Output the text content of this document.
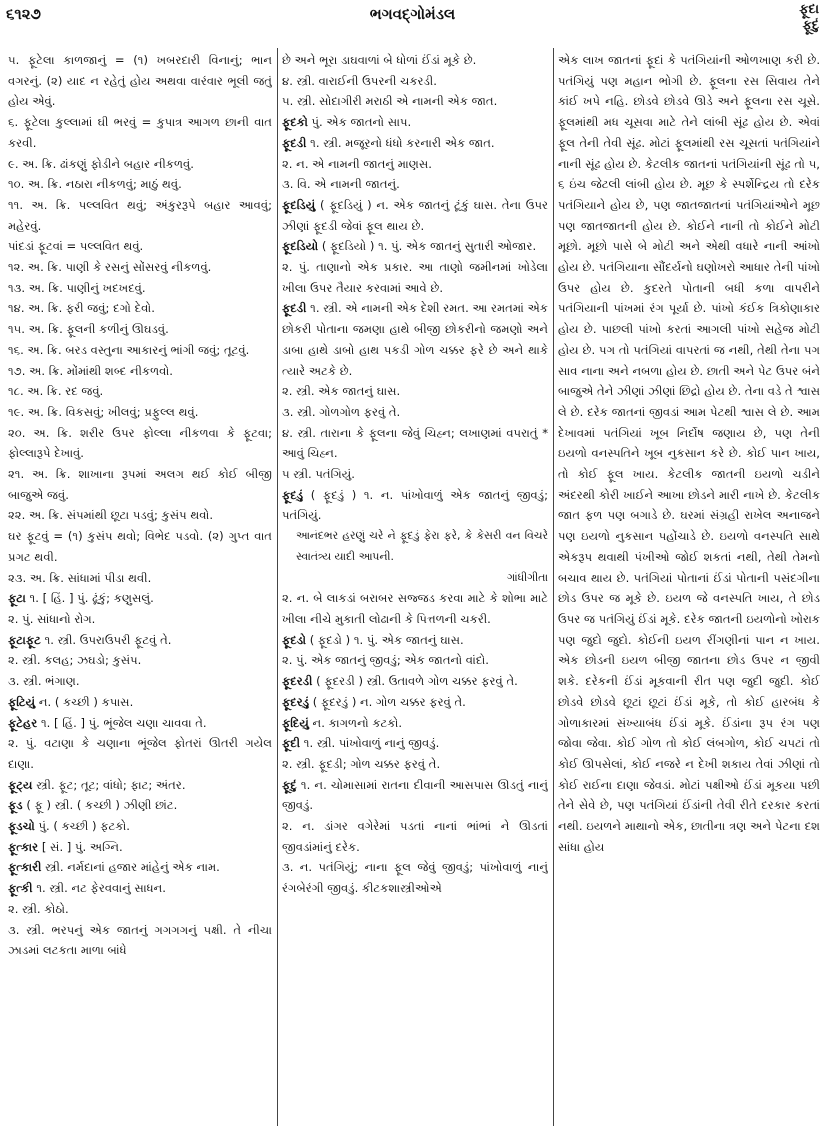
૬૧૨૭	ભગવદ્ગોમંડલ	ફૂદા
ફૂદું

૫. ફૂટેલા કાળજાનું = (૧) ખબરદારી વિનાનું; ભાન વગરનું. (૨) યાદ ન રહેતું હોય અથવા વારંવાર ભૂલી જતું હોય એવું.

૬. ફૂટેલા કુલ્લામાં ઘી ભરવું = કુપાત્ર આગળ છાની વાત કરવી.

૯. અ. ક્રિ. ઢાંકણું ફોડીને બહાર નીકળવું.

૧૦. અ. ક્રિ. નઠારા નીકળવું; માઠું થવું.

૧૧. અ. ક્રિ. પલ્લવિત થવું; અંકુરરૂપે બહાર આવવું; મહેરવું.

પાંદડાં ફૂટવાં = પલ્લવિત થવું.

૧૨. અ. ક્રિ. પાણી કે રસનું સોંસરવું નીકળવું.

૧૩. અ. ક્રિ. પાણીનું ખદખદવું.

૧૪. અ. ક્રિ. ફરી જવું; દગો દેવો.

૧૫. અ. ક્રિ. ફૂલની કળીનું ઊઘડવું.

૧૬. અ. ક્રિ. બરડ વસ્તુના આકારનું ભાંગી જવું; તૂટવું.

૧૭. અ. ક્રિ. મોંમાંથી શબ્દ નીકળવો.

૧૮. અ. ક્રિ. રદ જવું.

૧૯. અ. ક્રિ. વિકસવું; ખીલવું; પ્રફુલ્લ થવું.

૨૦. અ. ક્રિ. શરીર ઉપર ફોલ્લા નીકળવા કે ફૂટવા; ફોલ્લારૂપે દેખાવું.

૨૧. અ. ક્રિ. શાખાના રૂપમાં અલગ થઈ કોઈ બીજી બાજુએ જવું.

૨૨. અ. ક્રિ. સંપમાંથી છૂટા પડવું; કુસંપ થવો.

ઘર ફૂટવું = (૧) કુસંપ થવો; વિભેદ પડવો. (૨) ગુપ્ત વાત પ્રગટ થવી.

૨૩. અ. ક્રિ. સાંધામાં પીડા થવી.

ફૂટા ૧. [ હિં. ] પું. ઢૂંકું; કણુસલું.

૨. પું. સાંધાનો રોગ.

ફૂટાફૂટ ૧. સ્ત્રી. ઉપરાઉપરી ફૂટવું તે.

૨. સ્ત્રી. કલહ; ઝઘડો; કુસંપ.

૩. સ્ત્રી. ભંગાણ.

ફૂટિયું ન. ( કચ્છી ) કપાસ.

ફૂટેહર ૧. [ હિં. ] પું. ભૂંજેલ ચણા ચાવવા તે.

૨. પું. વટાણા કે ચણાના ભૂંજેલ ફોતરાં ઊતરી ગયેલ દાણા.

ફૂટ્ય સ્ત્રી. ફૂટ; તૂટ; વાંધો; ફાટ; અંતર.

ફૂડ ( ફૂ ) સ્ત્રી. ( કચ્છી ) ઝીણી છાંટ.

ફૂડચો પું. ( કચ્છી ) ફટકો.

ફૂત્કાર [ સં. ] પું. અગ્નિ.

ફૂત્કારી સ્ત્રી. નર્મદાનાં હજાર માંહેનું એક નામ.

ફૂત્કી ૧. સ્ત્રી. નટ ફેરવવાનું સાધન.

૨. સ્ત્રી. કોઠો.

૩. સ્ત્રી. ભરપનું એક જાતનું ગગગગનું પક્ષી. તે નીચા ઝાડમાં લટકતા માળા બાંધે

છે અને ભૂરા ડાઘવાળાં બે ધોળાં ઈંડાં મૂકે છે.

૪. સ્ત્રી. વારાઈની ઉપરની ચકરડી.

૫. સ્ત્રી. સોદાગીરી મરાઠી એ નામની એક જાત.

ફૂદકો પું. એક જાતનો સાપ.

ફૂદડી ૧. સ્ત્રી. મજૂરનો ધંધો કરનારી એક જાત.

૨. ન. એ નામની જાતનું માણસ.

૩. વિ. એ નામની જાતનું.

ફૂદડિયું ( ફૂદડિયું ) ન. એક જાતનું ટૂંકું ઘાસ. તેના ઉપર ઝીણાં ફૂદડી જેવાં ફૂલ થાય છે.

ફૂદડિયો ( ફૂદડિયો ) ૧. પું. એક જાતનું સુતારી ઓજાર.

૨. પું. તાણાનો એક પ્રકાર. આ તાણો જમીનમાં ખોડેલા ખીલા ઉપર તૈયાર કરવામાં આવે છે.

ફૂદડી ૧. સ્ત્રી. એ નામની એક દેશી રમત. આ રમતમાં એક છોકરી પોતાના જમણા હાથે બીજી છોકરીનો જમણો અને ડાબા હાથે ડાબો હાથ પકડી ગોળ ચક્કર ફરે છે અને થાકે ત્યારે અટકે છે.

૨. સ્ત્રી. એક જાતનું ઘાસ.

૩. સ્ત્રી. ગોળગોળ ફરવું તે.

૪. સ્ત્રી. તારાના કે ફૂલના જેવું ચિહ્ન; લખાણમાં વપરાતું * આવું ચિહ્ન.

૫ સ્ત્રી. પતંગિયું.

ફૂદડું ( ફૂદડું ) ૧. ન. પાંખોવાળું એક જાતનું જીવડું; પતંગિયું.

આનંદભર હરણું ચરે ને ફૂદડું ફેરા ફરે, કે કેસરી વન વિચરે સ્વાતંત્ર્ય યાદી આપની.

ગાંધીગીતા

૨. ન. બે લાકડાં બરાબર સજ્જડ કરવા માટે કે શોભા માટે ખીલા નીચે મુકાતી લોઢાની કે પિત્તળની ચકરી.

ફૂદડો ( ફૂદડો ) ૧. પું. એક જાતનું ઘાસ.

૨. પું. એક જાતનું જીવડું; એક જાતનો વાંદો.

ફૂદરડી ( ફૂદરડી ) સ્ત્રી. ઉતાવળે ગોળ ચક્કર ફરવું તે.

ફૂદરડું ( ફૂદરડું ) ન. ગોળ ચક્કર ફરવું તે.

ફૂદિયું ન. કાગળનો કટકો.

ફૂદી ૧. સ્ત્રી. પાંખોવાળું નાનું જીવડું.

૨. સ્ત્રી. ફૂદડી; ગોળ ચક્કર ફરવું તે.

ફૂદું ૧. ન. ચોમાસામાં રાતના દીવાની આસપાસ ઊડતું નાનું જીવડું.

૨. ન. ડાંગર વગેરેમાં પડતાં નાનાં ભાંભાં ને ઊડતાં જીવડાંમાંનું દરેક.

૩. ન. પતંગિયું; નાના ફૂલ જેવું જીવડું; પાંખોવાળું નાનું રંગબેરંગી જીવડું. કીટકશાસ્ત્રીઓએ

એક લાખ જાતનાં ફૂદાં કે પતંગિયાંની ઓળખાણ કરી છે. પતંગિયું પણ મહાન ભોગી છે. ફૂલના રસ સિવાય તેને કાંઈ ખપે નહિ. છોડવે છોડવે ઊડે અને ફૂલના રસ ચૂસે. ફૂલમાંથી મધ ચૂસવા માટે તેને લાંબી સૂંઢ હોય છે. એવાં ફૂલ તેની તેવી સૂંઢ. મોટાં ફૂલમાંથી રસ ચૂસતાં પતંગિયાંને નાની સૂંઢ હોય છે. કેટલીક જાતનાં પતંગિયાંની સૂંઢ તો ૫, ૬ ઇંચ જેટલી લાંબી હોય છે. મૂછ કે સ્પર્શેન્દ્રિય તો દરેક પતંગિયાને હોય છે, પણ જાતજાતનાં પતંગિયાંઓને મૂછ પણ જાતજાતની હોય છે. કોઈને નાની તો કોઈને મોટી મૂછો. મૂછો પાસે બે મોટી અને એથી વધારે નાની આંખો હોય છે. પતંગિયાના સૌંદર્યનો ઘણોખરો આધાર તેની પાંખો ઉપર હોય છે. કુદરતે પોતાની બધી કળા વાપરીને પતંગિયાની પાંખમાં રંગ પૂર્યા છે. પાંખો કંઈક ત્રિકોણાકાર હોય છે. પાછલી પાંખો કરતાં આગલી પાંખો સહેજ મોટી હોય છે. પગ તો પતંગિયાં વાપરતાં જ નથી, તેથી તેના પગ સાવ નાના અને નબળા હોય છે. છાતી અને પેટ ઉપર બંને બાજુએ તેને ઝીણાં ઝીણાં છિદ્રો હોય છે. તેના વડે તે શ્વાસ લે છે. દરેક જાતનાં જીવડાં આમ પેટથી શ્વાસ લે છે. આમ દેખાવમાં પતંગિયાં ખૂબ નિર્દોષ જણાય છે, પણ તેની ઇયળો વનસ્પતિને ખૂબ નુકસાન કરે છે. કોઈ પાન ખાય, તો કોઈ ફૂલ ખાય. કેટલીક જાતની ઇયળો ચડીને અંદરથી કોરી ખાઈને આખા છોડને મારી નાખે છે. કેટલીક જાત ફળ પણ બગાડે છે. ઘરમાં સંગ્રહી રાખેલ અનાજને પણ ઇયળો નુકસાન પહોંચાડે છે. ઇયળો વનસ્પતિ સાથે એકરૂપ થવાથી પંખીઓ જોઈ શકતાં નથી, તેથી તેમનો બચાવ થાય છે. પતંગિયાં પોતાનાં ઈંડાં પોતાની પસંદગીના છોડ ઉપર જ મૂકે છે. ઇયળ જે વનસ્પતિ ખાય, તે છોડ ઉપર જ પતંગિયું ઈંડાં મૂકે. દરેક જાતની ઇયળોનો ખોરાક પણ જુદો જુદો. કોઈની ઇયળ રીંગણીનાં પાન ન ખાય. એક છોડની ઇયળ બીજી જાતના છોડ ઉપર ન જીવી શકે. દરેકની ઈંડાં મૂકવાની રીત પણ જુદી જુદી. કોઈ છોડવે છોડવે છૂટાં છૂટાં ઈંડાં મૂકે, તો કોઈ હારબંધ કે ગોળાકારમાં સંખ્યાબંધ ઈંડાં મૂકે. ઈંડાંના રૂપ રંગ પણ જોવા જેવા. કોઈ ગોળ તો કોઈ લંબગોળ, કોઈ ચપટાં તો કોઈ ઊપસેલાં, કોઈ નજરે ન દેખી શકાય તેવાં ઝીણાં તો કોઈ રાઈના દાણા જેવડાં. મોટાં પક્ષીઓ ઈંડાં મૂકયા પછી તેને સેવે છે, પણ પતંગિયાં ઈંડાંની તેવી રીતે દરકાર કરતાં નથી. ઇયળને માથાનો એક, છાતીના ત્રણ અને પેટના દશ સાંધા હોય
